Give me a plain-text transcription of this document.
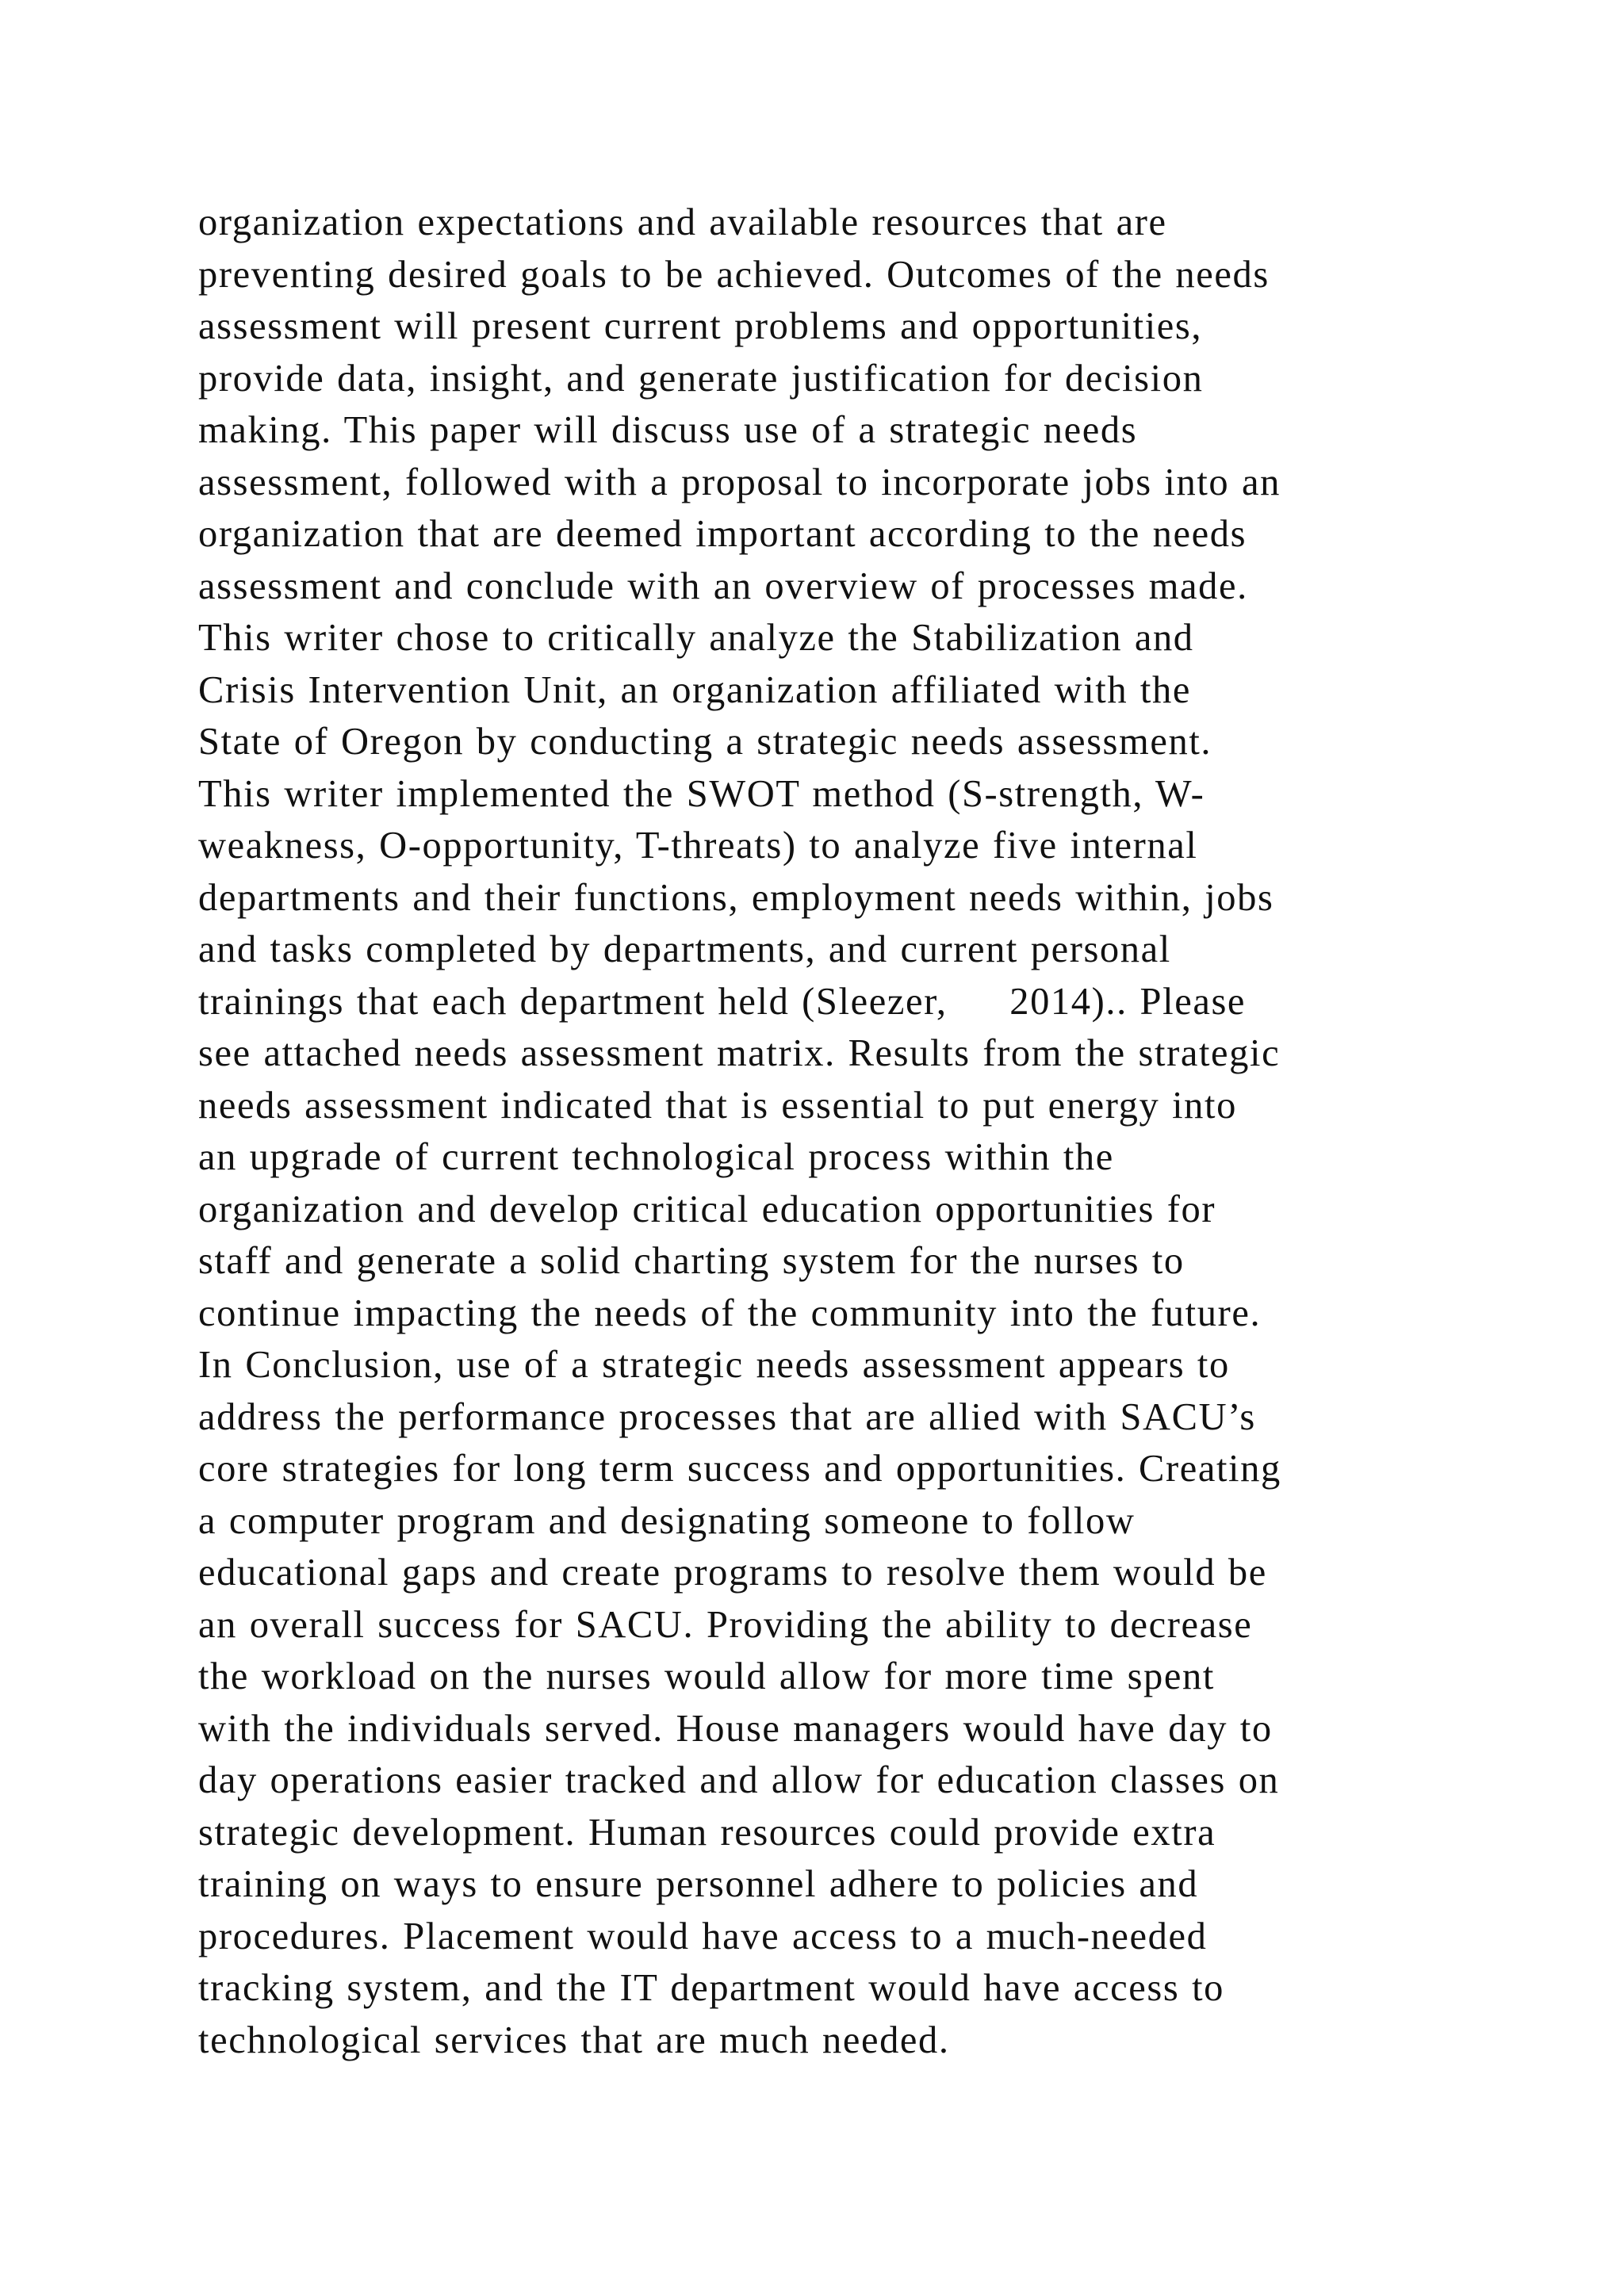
organization expectations and available resources that are
preventing desired goals to be achieved. Outcomes of the needs
assessment will present current problems and opportunities,
provide data, insight, and generate justification for decision
making. This paper will discuss use of a strategic needs
assessment, followed with a proposal to incorporate jobs into an
organization that are deemed important according to the needs
assessment and conclude with an overview of processes made.
This writer chose to critically analyze the Stabilization and
Crisis Intervention Unit, an organization affiliated with the
State of Oregon by conducting a strategic needs assessment.
This writer implemented the SWOT method (S-strength, W-
weakness, O-opportunity, T-threats) to analyze five internal
departments and their functions, employment needs within, jobs
and tasks completed by departments, and current personal
trainings that each department held (Sleezer,     2014).. Please
see attached needs assessment matrix. Results from the strategic
needs assessment indicated that is essential to put energy into
an upgrade of current technological process within the
organization and develop critical education opportunities for
staff and generate a solid charting system for the nurses to
continue impacting the needs of the community into the future.
In Conclusion, use of a strategic needs assessment appears to
address the performance processes that are allied with SACU’s
core strategies for long term success and opportunities. Creating
a computer program and designating someone to follow
educational gaps and create programs to resolve them would be
an overall success for SACU. Providing the ability to decrease
the workload on the nurses would allow for more time spent
with the individuals served. House managers would have day to
day operations easier tracked and allow for education classes on
strategic development. Human resources could provide extra
training on ways to ensure personnel adhere to policies and
procedures. Placement would have access to a much-needed
tracking system, and the IT department would have access to
technological services that are much needed.
